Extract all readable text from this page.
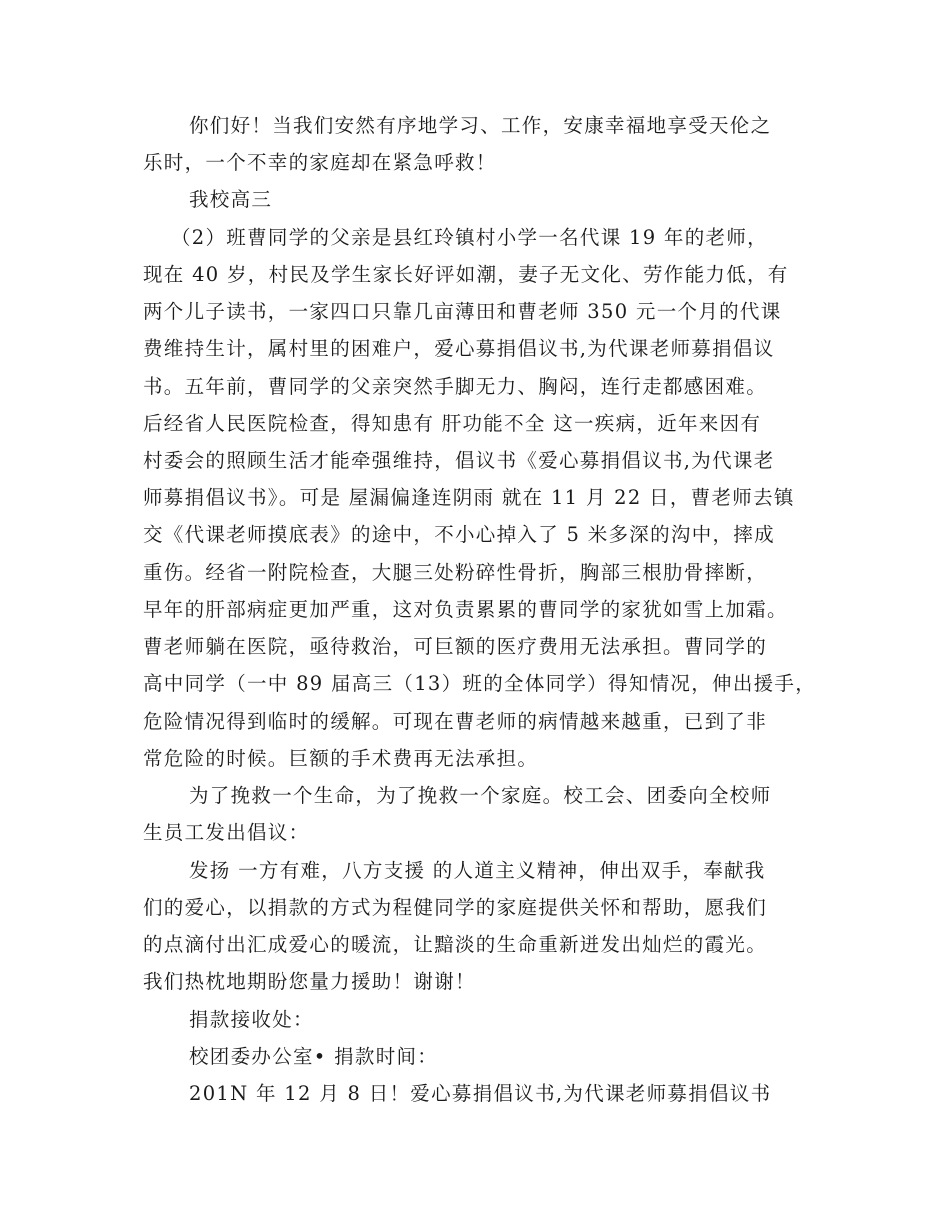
你们好！当我们安然有序地学习、工作，安康幸福地享受天伦之
乐时，一个不幸的家庭却在紧急呼救！
我校高三
（2）班曹同学的父亲是县红玲镇村小学一名代课 19 年的老师，
现在 40 岁，村民及学生家长好评如潮，妻子无文化、劳作能力低，有
两个儿子读书，一家四口只靠几亩薄田和曹老师 350 元一个月的代课
费维持生计，属村里的困难户，爱心募捐倡议书,为代课老师募捐倡议
书。五年前，曹同学的父亲突然手脚无力、胸闷，连行走都感困难。
后经省人民医院检查，得知患有 肝功能不全 这一疾病，近年来因有
村委会的照顾生活才能牵强维持，倡议书《爱心募捐倡议书,为代课老
师募捐倡议书》。可是 屋漏偏逢连阴雨 就在 11 月 22 日，曹老师去镇
交《代课老师摸底表》的途中，不小心掉入了 5 米多深的沟中，摔成
重伤。经省一附院检查，大腿三处粉碎性骨折，胸部三根肋骨摔断，
早年的肝部病症更加严重，这对负责累累的曹同学的家犹如雪上加霜。
曹老师躺在医院，亟待救治，可巨额的医疗费用无法承担。曹同学的
高中同学（一中 89 届高三（13）班的全体同学）得知情况，伸出援手，
危险情况得到临时的缓解。可现在曹老师的病情越来越重，已到了非
常危险的时候。巨额的手术费再无法承担。
为了挽救一个生命，为了挽救一个家庭。校工会、团委向全校师
生员工发出倡议：
发扬 一方有难，八方支援 的人道主义精神，伸出双手，奉献我
们的爱心，以捐款的方式为程健同学的家庭提供关怀和帮助，愿我们
的点滴付出汇成爱心的暖流，让黯淡的生命重新迸发出灿烂的霞光。
我们热枕地期盼您量力援助！谢谢！
捐款接收处：
校团委办公室• 捐款时间：
201N 年 12 月 8 日！爱心募捐倡议书,为代课老师募捐倡议书
